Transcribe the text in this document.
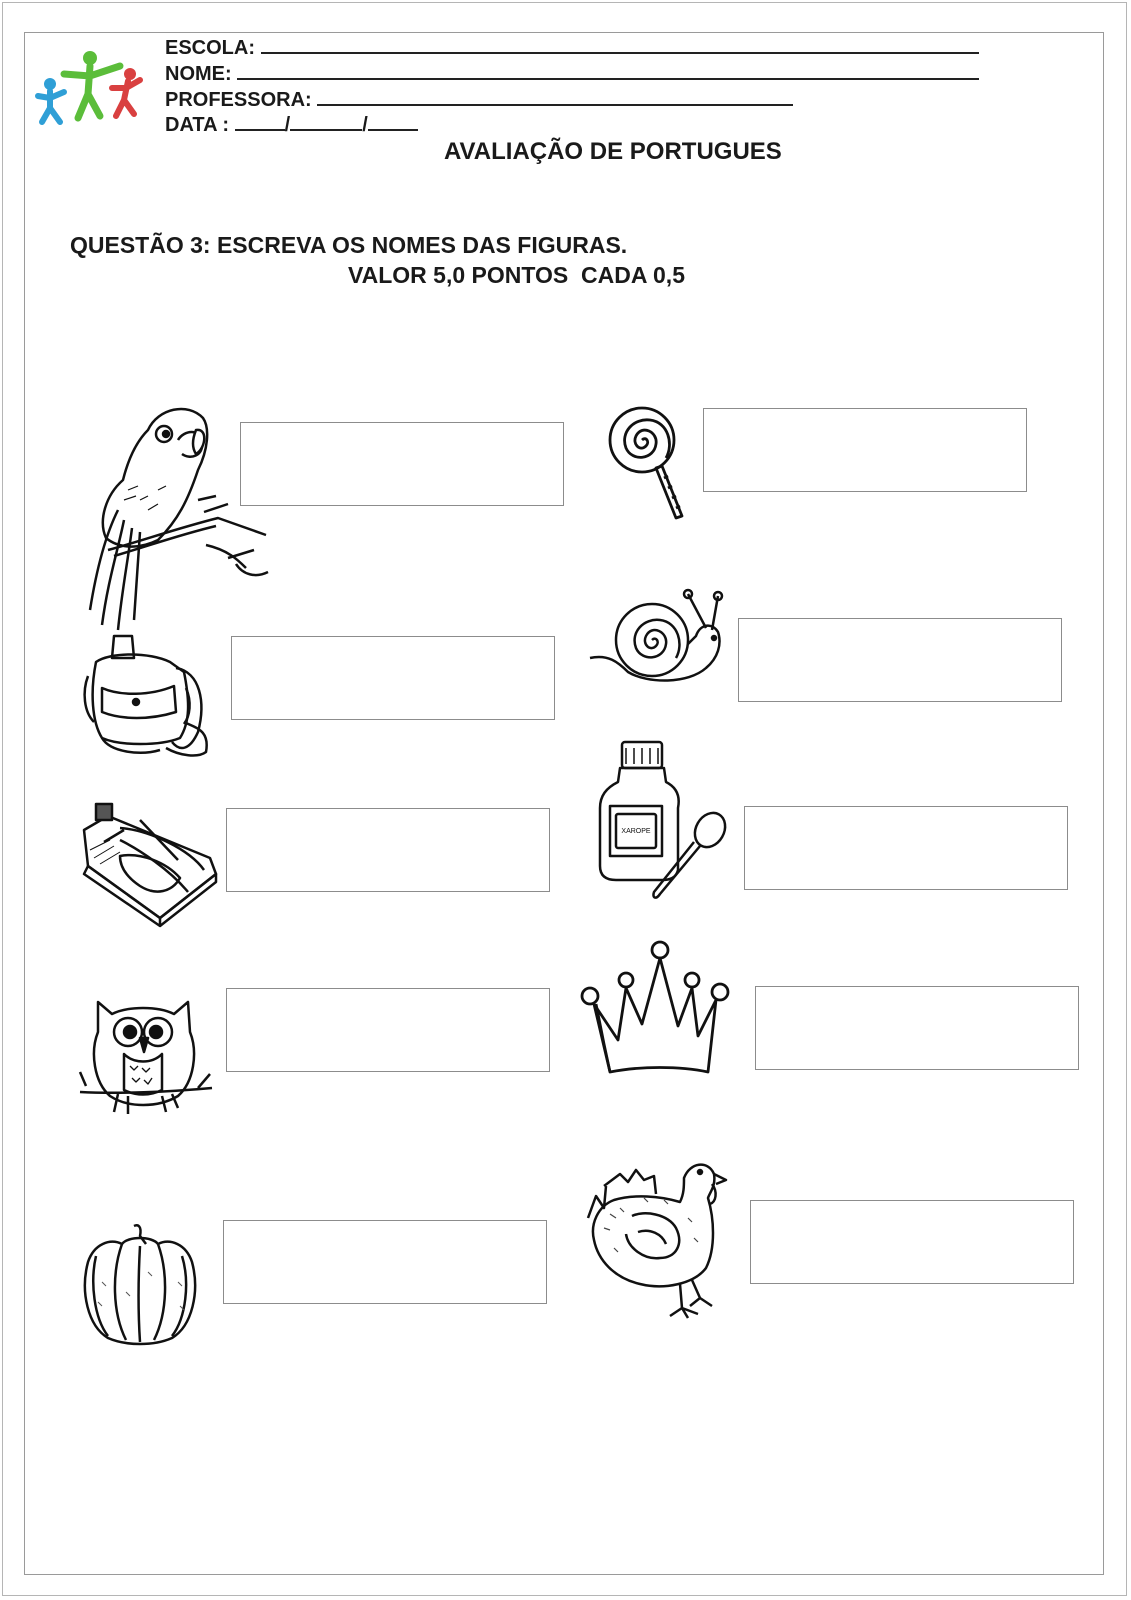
ESCOLA:
NOME:
PROFESSORA:
DATA :	/	/
AVALIAÇÃO DE PORTUGUES
QUESTÃO 3: ESCREVA OS NOMES DAS FIGURAS.
VALOR 5,0 PONTOS  CADA 0,5
XAROPE
